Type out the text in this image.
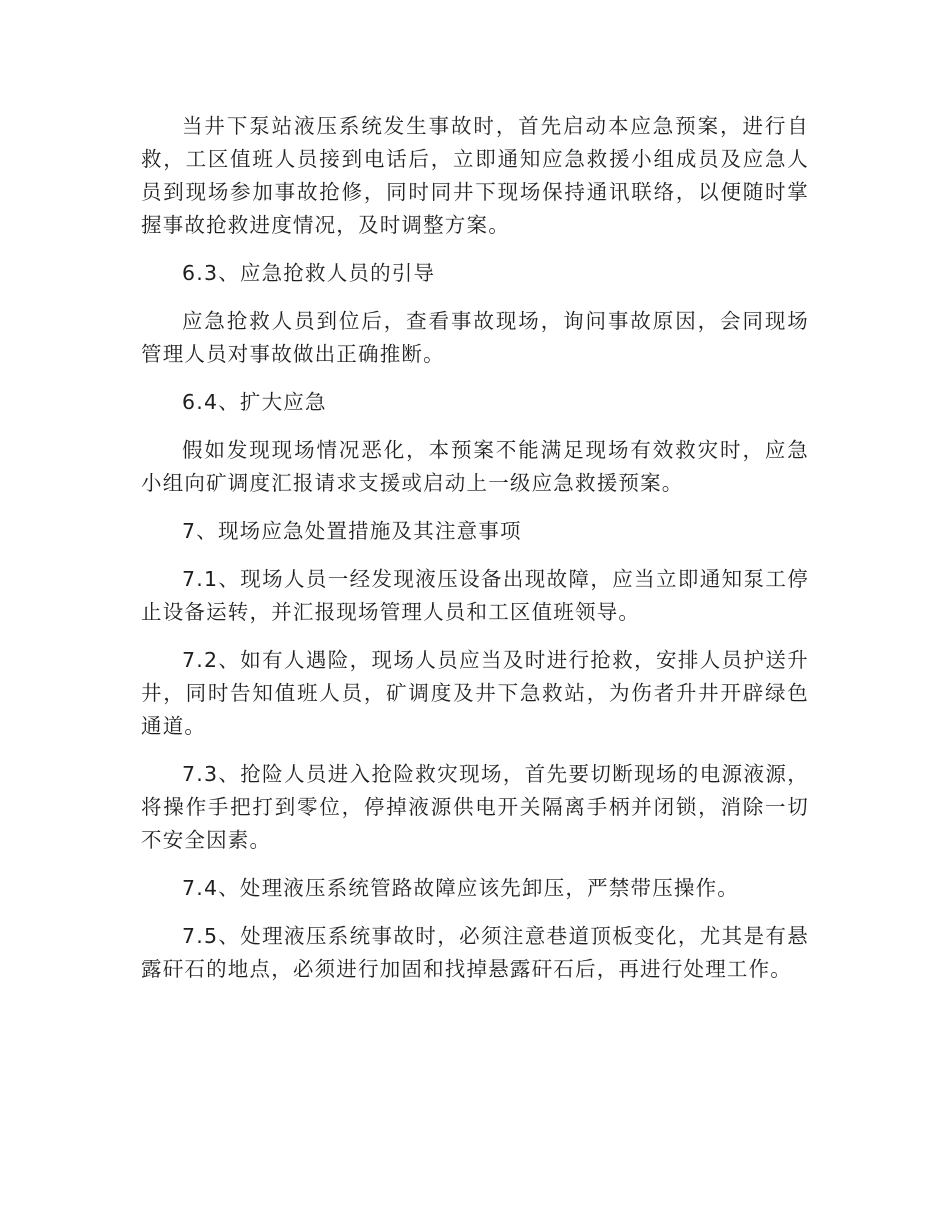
当井下泵站液压系统发生事故时，首先启动本应急预案，进行自救，工区值班人员接到电话后，立即通知应急救援小组成员及应急人员到现场参加事故抢修，同时同井下现场保持通讯联络，以便随时掌握事故抢救进度情况，及时调整方案。

6.3、应急抢救人员的引导

应急抢救人员到位后，查看事故现场，询问事故原因，会同现场管理人员对事故做出正确推断。

6.4、扩大应急

假如发现现场情况恶化，本预案不能满足现场有效救灾时，应急小组向矿调度汇报请求支援或启动上一级应急救援预案。

7、现场应急处置措施及其注意事项

7.1、现场人员一经发现液压设备出现故障，应当立即通知泵工停止设备运转，并汇报现场管理人员和工区值班领导。

7.2、如有人遇险，现场人员应当及时进行抢救，安排人员护送升井，同时告知值班人员，矿调度及井下急救站，为伤者升井开辟绿色通道。

7.3、抢险人员进入抢险救灾现场，首先要切断现场的电源液源，将操作手把打到零位，停掉液源供电开关隔离手柄并闭锁，消除一切不安全因素。

7.4、处理液压系统管路故障应该先卸压，严禁带压操作。

7.5、处理液压系统事故时，必须注意巷道顶板变化，尤其是有悬露矸石的地点，必须进行加固和找掉悬露矸石后，再进行处理工作。
